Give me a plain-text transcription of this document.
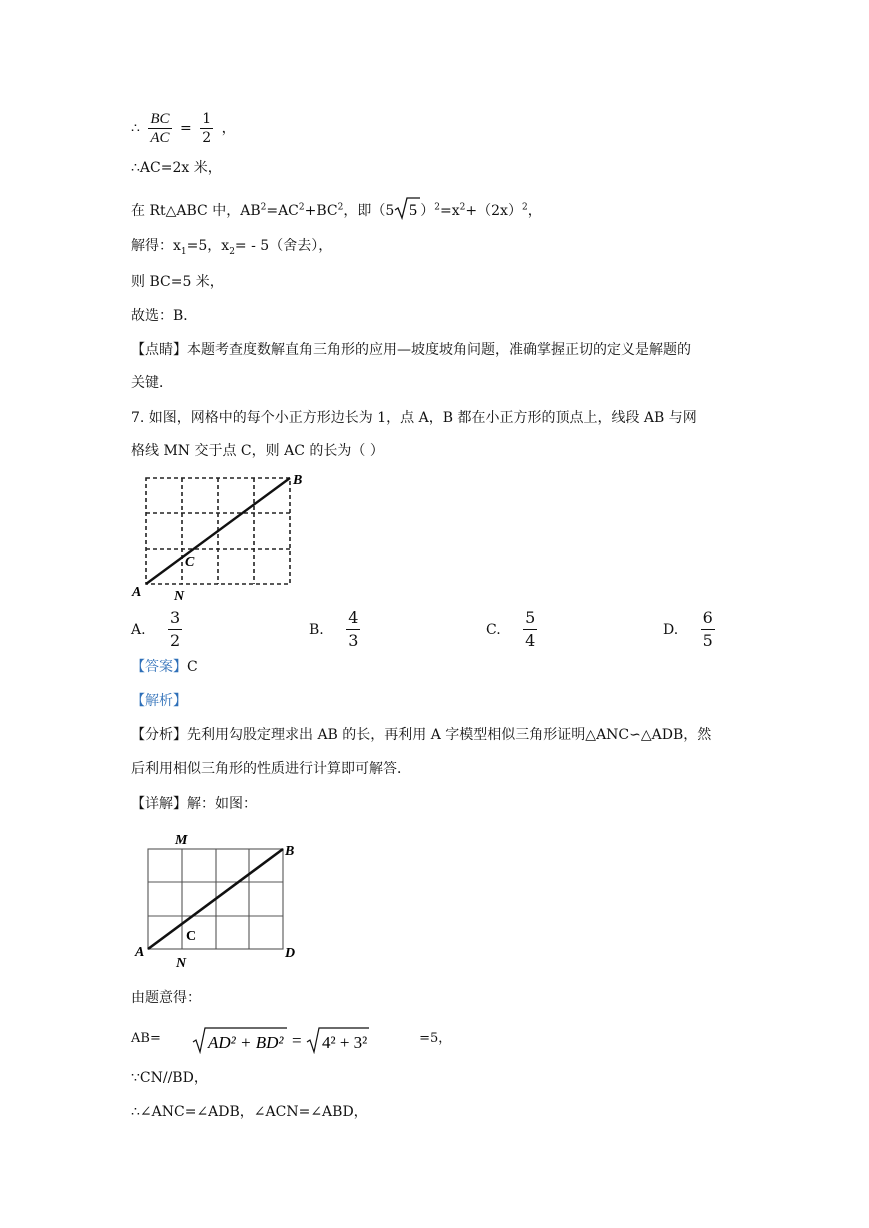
∴ $\frac{BC}{AC} = \frac{1}{2}$ ，
∴AC=2x 米，
在 Rt△ABC 中，$AB^2=AC^2+BC^2$，即（5 5 ）$^2=x^2+(2x)^2$，
解得：$x_1=5$，$x_2= - 5$（舍去），
则 BC=5 米，
故选：B．
【点睛】本题考查度数解直角三角形的应用—坡度坡角问题，准确掌握正切的定义是解题的
关键．
7. 如图，网格中的每个小正方形边长为 1，点 A，B 都在小正方形的顶点上，线段 AB 与网
格线 MN 交于点 C，则 AC 的长为（ ）
A
B
C
N
A. $\frac{3}{2}$	B. $\frac{4}{3}$	C. $\frac{5}{4}$	D. $\frac{6}{5}$
【答案】C
【解析】
【分析】先利用勾股定理求出 AB 的长，再利用 A 字模型相似三角形证明△ANC∽△ADB，然
后利用相似三角形的性质进行计算即可解答．
【详解】解：如图：
M
B
C
A
N
D
由题意得：
AB=	AD² + BD² = 4² + 3²	=5，
∵CN//BD，
∴∠ANC=∠ADB，∠ACN=∠ABD，
